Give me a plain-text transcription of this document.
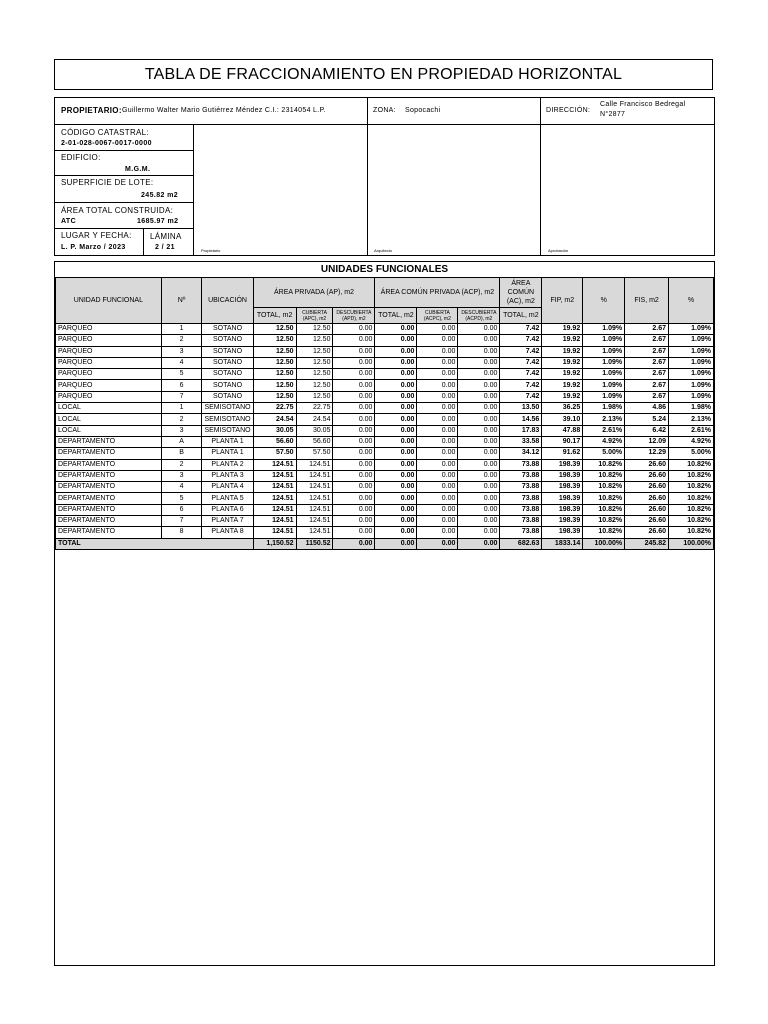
TABLA DE FRACCIONAMIENTO EN PROPIEDAD HORIZONTAL
PROPIETARIO: Guillermo Walter Mario Gutiérrez Méndez C.I.: 2314054 L.P.	ZONA: Sopocachi	DIRECCIÓN:
Calle Francisco Bedregal
N°2877
CÓDIGO CATASTRAL:
2-01-028-0067-0017-0000
EDIFICIO:
M.G.M.
SUPERFICIE DE LOTE:
245.82 m2
ÁREA TOTAL CONSTRUIDA:
ATC	1685.97 m2
LUGAR Y FECHA:
L. P. Marzo / 2023
LÁMINA
2 / 21	Propietario	Arquitecto	Aprobación
UNIDADES FUNCIONALES
UNIDAD FUNCIONAL	Nº	UBICACIÓN	ÁREA PRIVADA (AP), m2			ÁREA COMÚN PRIVADA (ACP), m2			ÁREA COMÚN (AC), m2	FIP, m2	%	FIS, m2	%
			TOTAL, m2	CUBIERTA (APC), m2	DESCUBIERTA (APD), m2	TOTAL, m2	CUBIERTA (ACPC), m2	DESCUBIERTA (ACPD), m2	TOTAL, m2				
PARQUEO	1	SOTANO	12.50	12.50	0.00	0.00	0.00	0.00	7.42	19.92	1.09%	2.67	1.09%
PARQUEO	2	SOTANO	12.50	12.50	0.00	0.00	0.00	0.00	7.42	19.92	1.09%	2.67	1.09%
PARQUEO	3	SOTANO	12.50	12.50	0.00	0.00	0.00	0.00	7.42	19.92	1.09%	2.67	1.09%
PARQUEO	4	SOTANO	12.50	12.50	0.00	0.00	0.00	0.00	7.42	19.92	1.09%	2.67	1.09%
PARQUEO	5	SOTANO	12.50	12.50	0.00	0.00	0.00	0.00	7.42	19.92	1.09%	2.67	1.09%
PARQUEO	6	SOTANO	12.50	12.50	0.00	0.00	0.00	0.00	7.42	19.92	1.09%	2.67	1.09%
PARQUEO	7	SOTANO	12.50	12.50	0.00	0.00	0.00	0.00	7.42	19.92	1.09%	2.67	1.09%
LOCAL	1	SEMISOTANO	22.75	22.75	0.00	0.00	0.00	0.00	13.50	36.25	1.98%	4.86	1.98%
LOCAL	2	SEMISOTANO	24.54	24.54	0.00	0.00	0.00	0.00	14.56	39.10	2.13%	5.24	2.13%
LOCAL	3	SEMISOTANO	30.05	30.05	0.00	0.00	0.00	0.00	17.83	47.88	2.61%	6.42	2.61%
DEPARTAMENTO	A	PLANTA 1	56.60	56.60	0.00	0.00	0.00	0.00	33.58	90.17	4.92%	12.09	4.92%
DEPARTAMENTO	B	PLANTA 1	57.50	57.50	0.00	0.00	0.00	0.00	34.12	91.62	5.00%	12.29	5.00%
DEPARTAMENTO	2	PLANTA 2	124.51	124.51	0.00	0.00	0.00	0.00	73.88	198.39	10.82%	26.60	10.82%
DEPARTAMENTO	3	PLANTA 3	124.51	124.51	0.00	0.00	0.00	0.00	73.88	198.39	10.82%	26.60	10.82%
DEPARTAMENTO	4	PLANTA 4	124.51	124.51	0.00	0.00	0.00	0.00	73.88	198.39	10.82%	26.60	10.82%
DEPARTAMENTO	5	PLANTA 5	124.51	124.51	0.00	0.00	0.00	0.00	73.88	198.39	10.82%	26.60	10.82%
DEPARTAMENTO	6	PLANTA 6	124.51	124.51	0.00	0.00	0.00	0.00	73.88	198.39	10.82%	26.60	10.82%
DEPARTAMENTO	7	PLANTA 7	124.51	124.51	0.00	0.00	0.00	0.00	73.88	198.39	10.82%	26.60	10.82%
DEPARTAMENTO	8	PLANTA 8	124.51	124.51	0.00	0.00	0.00	0.00	73.88	198.39	10.82%	26.60	10.82%
TOTAL			1,150.52	1150.52	0.00	0.00	0.00	0.00	682.63	1833.14	100.00%	245.82	100.00%
